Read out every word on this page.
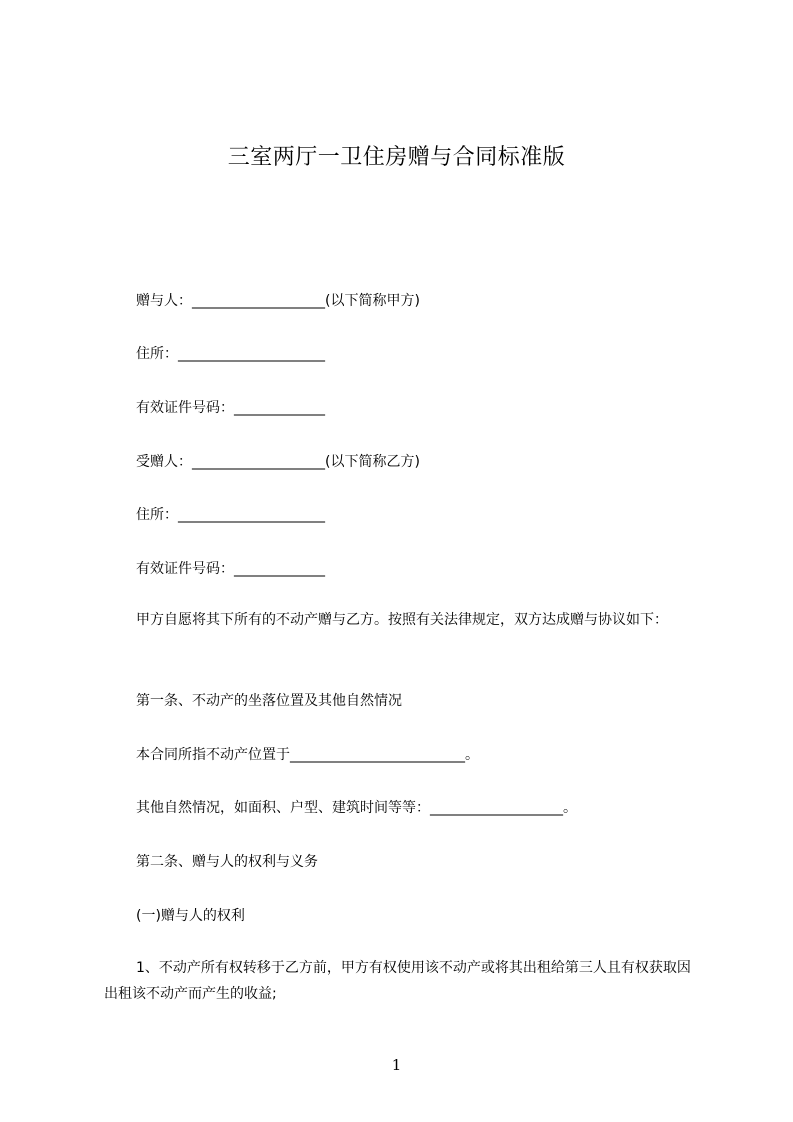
三室两厅一卫住房赠与合同标准版
赠与人：___________________(以下简称甲方)
住所：_____________________
有效证件号码：_____________
受赠人：___________________(以下简称乙方)
住所：_____________________
有效证件号码：_____________

甲方自愿将其下所有的不动产赠与乙方。按照有关法律规定，双方达成赠与协议如下：

第一条、不动产的坐落位置及其他自然情况
本合同所指不动产位置于_________________________。
其他自然情况，如面积、户型、建筑时间等等：___________________。
第二条、赠与人的权利与义务
(一)赠与人的权利

1、不动产所有权转移于乙方前，甲方有权使用该不动产或将其出租给第三人且有权获取因出租该不动产而产生的收益;

1
